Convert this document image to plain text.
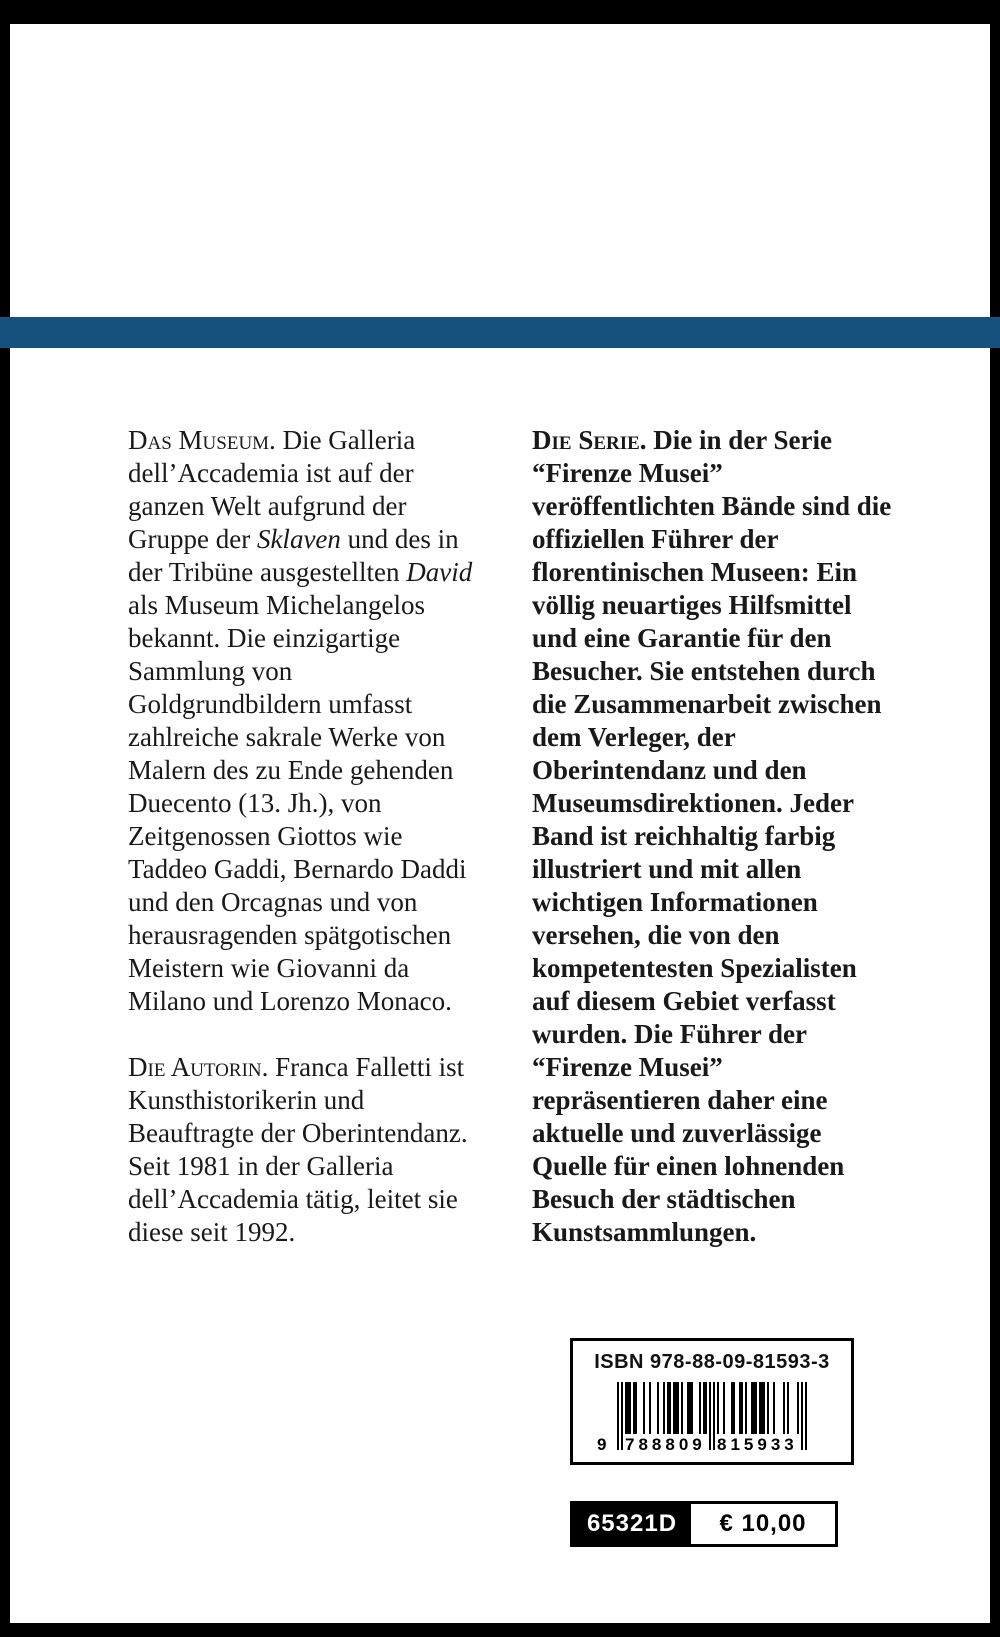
Das Museum. Die Galleria dell’Accademia ist auf der ganzen Welt aufgrund der Gruppe der Sklaven und des in der Tribüne ausgestellten David als Museum Michelangelos bekannt. Die einzigartige Sammlung von Goldgrundbildern umfasst zahlreiche sakrale Werke von Malern des zu Ende gehenden Duecento (13. Jh.), von Zeitgenossen Giottos wie Taddeo Gaddi, Bernardo Daddi und den Orcagnas und von herausragenden spätgotischen Meistern wie Giovanni da Milano und Lorenzo Monaco.

Die Autorin. Franca Falletti ist Kunsthistorikerin und Beauftragte der Oberintendanz. Seit 1981 in der Galleria dell’Accademia tätig, leitet sie diese seit 1992.

Die Serie. Die in der Serie “Firenze Musei” veröffentlichten Bände sind die offiziellen Führer der florentinischen Museen: Ein völlig neuartiges Hilfsmittel und eine Garantie für den Besucher. Sie entstehen durch die Zusammenarbeit zwischen dem Verleger, der Oberintendanz und den Museumsdirektionen. Jeder Band ist reichhaltig farbig illustriert und mit allen wichtigen Informationen versehen, die von den kompetentesten Spezialisten auf diesem Gebiet verfasst wurden. Die Führer der “Firenze Musei” repräsentieren daher eine aktuelle und zuverlässige Quelle für einen lohnenden Besuch der städtischen Kunstsammlungen.

ISBN 978-88-09-81593-3
9 788809 815933
65321D	€ 10,00
